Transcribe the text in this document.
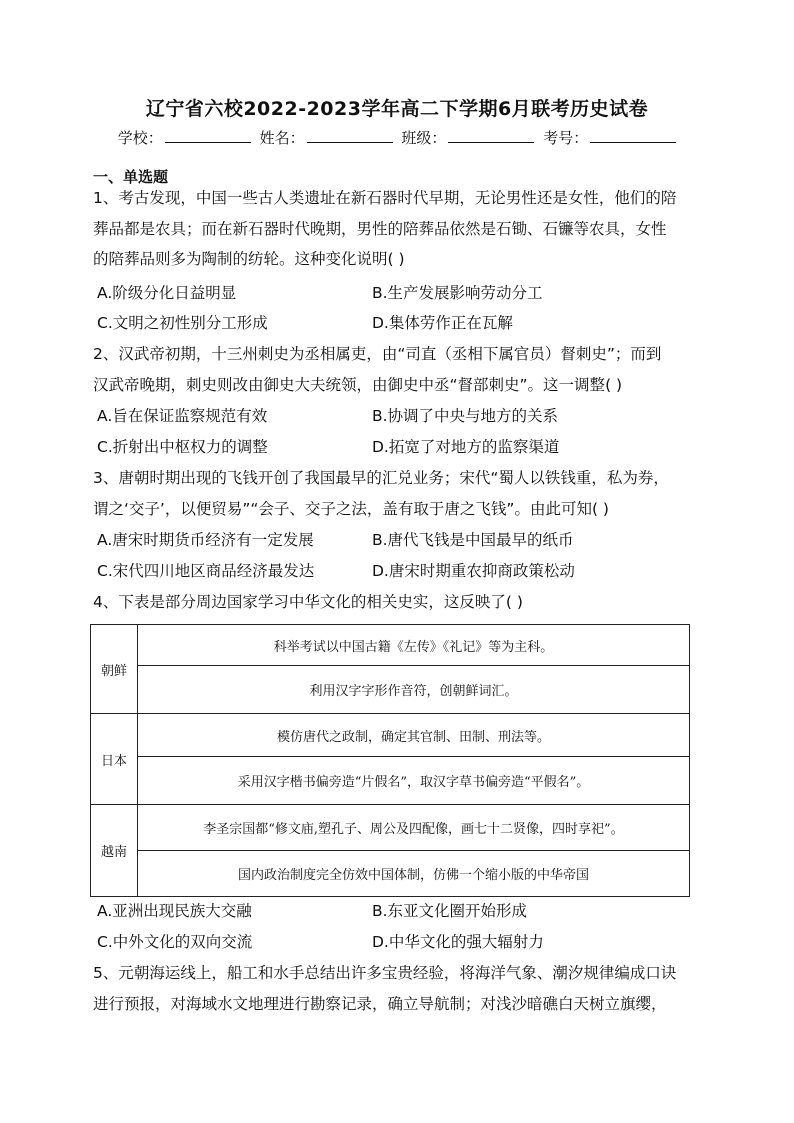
辽宁省六校2022-2023学年高二下学期6月联考历史试卷
学校：	姓名：	班级：	考号：
一、单选题
1、考古发现，中国一些古人类遗址在新石器时代早期，无论男性还是女性，他们的陪
葬品都是农具；而在新石器时代晚期，男性的陪葬品依然是石锄、石镰等农具，女性
的陪葬品则多为陶制的纺轮。这种变化说明( )
A.阶级分化日益明显	B.生产发展影响劳动分工
C.文明之初性别分工形成	D.集体劳作正在瓦解
2、汉武帝初期，十三州刺史为丞相属吏，由“司直（丞相下属官员）督刺史”；而到
汉武帝晚期，刺史则改由御史大夫统领，由御史中丞“督部刺史”。这一调整( )
A.旨在保证监察规范有效	B.协调了中央与地方的关系
C.折射出中枢权力的调整	D.拓宽了对地方的监察渠道
3、唐朝时期出现的飞钱开创了我国最早的汇兑业务；宋代“蜀人以铁钱重，私为券，
谓之‘交子’，以便贸易”“会子、交子之法，盖有取于唐之飞钱”。由此可知( )
A.唐宋时期货币经济有一定发展	B.唐代飞钱是中国最早的纸币
C.宋代四川地区商品经济最发达	D.唐宋时期重农抑商政策松动
4、下表是部分周边国家学习中华文化的相关史实，这反映了( )
朝鲜	科举考试以中国古籍《左传》《礼记》等为主科。
	利用汉字字形作音符，创朝鲜词汇。
日本	模仿唐代之政制，确定其官制、田制、刑法等。
	采用汉字楷书偏旁造“片假名”，取汉字草书偏旁造“平假名”。
越南	李圣宗国都“修文庙,塑孔子、周公及四配像，画七十二贤像，四时享祀”。
	国内政治制度完全仿效中国体制，仿佛一个缩小版的中华帝国
A.亚洲出现民族大交融	B.东亚文化圈开始形成
C.中外文化的双向交流	D.中华文化的强大辐射力
5、元朝海运线上，船工和水手总结出许多宝贵经验，将海洋气象、潮汐规律编成口诀
进行预报，对海域水文地理进行勘察记录，确立导航制；对浅沙暗礁白天树立旗缨，
